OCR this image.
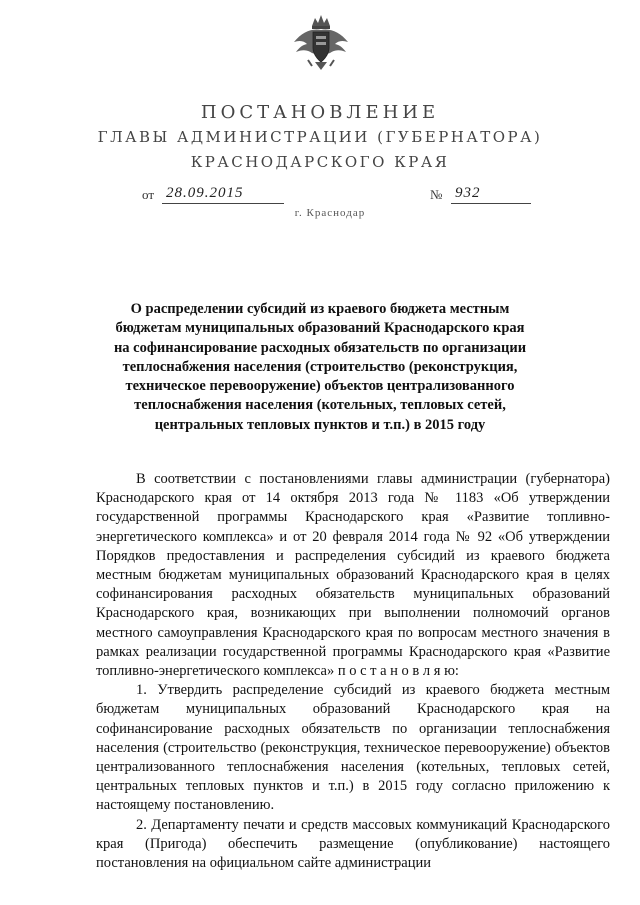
ПОСТАНОВЛЕНИЕ
ГЛАВЫ АДМИНИСТРАЦИИ (ГУБЕРНАТОРА)
КРАСНОДАРСКОГО КРАЯ
от 28.09.2015	№ 932
г. Краснодар
О распределении субсидий из краевого бюджета местным
бюджетам муниципальных образований Краснодарского края
на софинансирование расходных обязательств по организации
теплоснабжения населения (строительство (реконструкция,
техническое перевооружение) объектов централизованного
теплоснабжения населения (котельных, тепловых сетей,
центральных тепловых пунктов и т.п.) в 2015 году

В соответствии с постановлениями главы администрации (губернатора) Краснодарского края от 14 октября 2013 года № 1183 «Об утверждении государственной программы Краснодарского края «Развитие топливно-энергетического комплекса» и от 20 февраля 2014 года № 92 «Об утверждении Порядков предоставления и распределения субсидий из краевого бюджета местным бюджетам муниципальных образований Краснодарского края в целях софинансирования расходных обязательств муниципальных образований Краснодарского края, возникающих при выполнении полномочий органов местного самоуправления Краснодарского края по вопросам местного значения в рамках реализации государственной программы Краснодарского края «Развитие топливно-энергетического комплекса» п о с т а н о в л я ю:

1. Утвердить распределение субсидий из краевого бюджета местным бюджетам муниципальных образований Краснодарского края на софинансирование расходных обязательств по организации теплоснабжения населения (строительство (реконструкция, техническое перевооружение) объектов централизованного теплоснабжения населения (котельных, тепловых сетей, центральных тепловых пунктов и т.п.) в 2015 году согласно приложению к настоящему постановлению.

2. Департаменту печати и средств массовых коммуникаций Краснодарского края (Пригода) обеспечить размещение (опубликование) настоящего постановления на официальном сайте администрации
